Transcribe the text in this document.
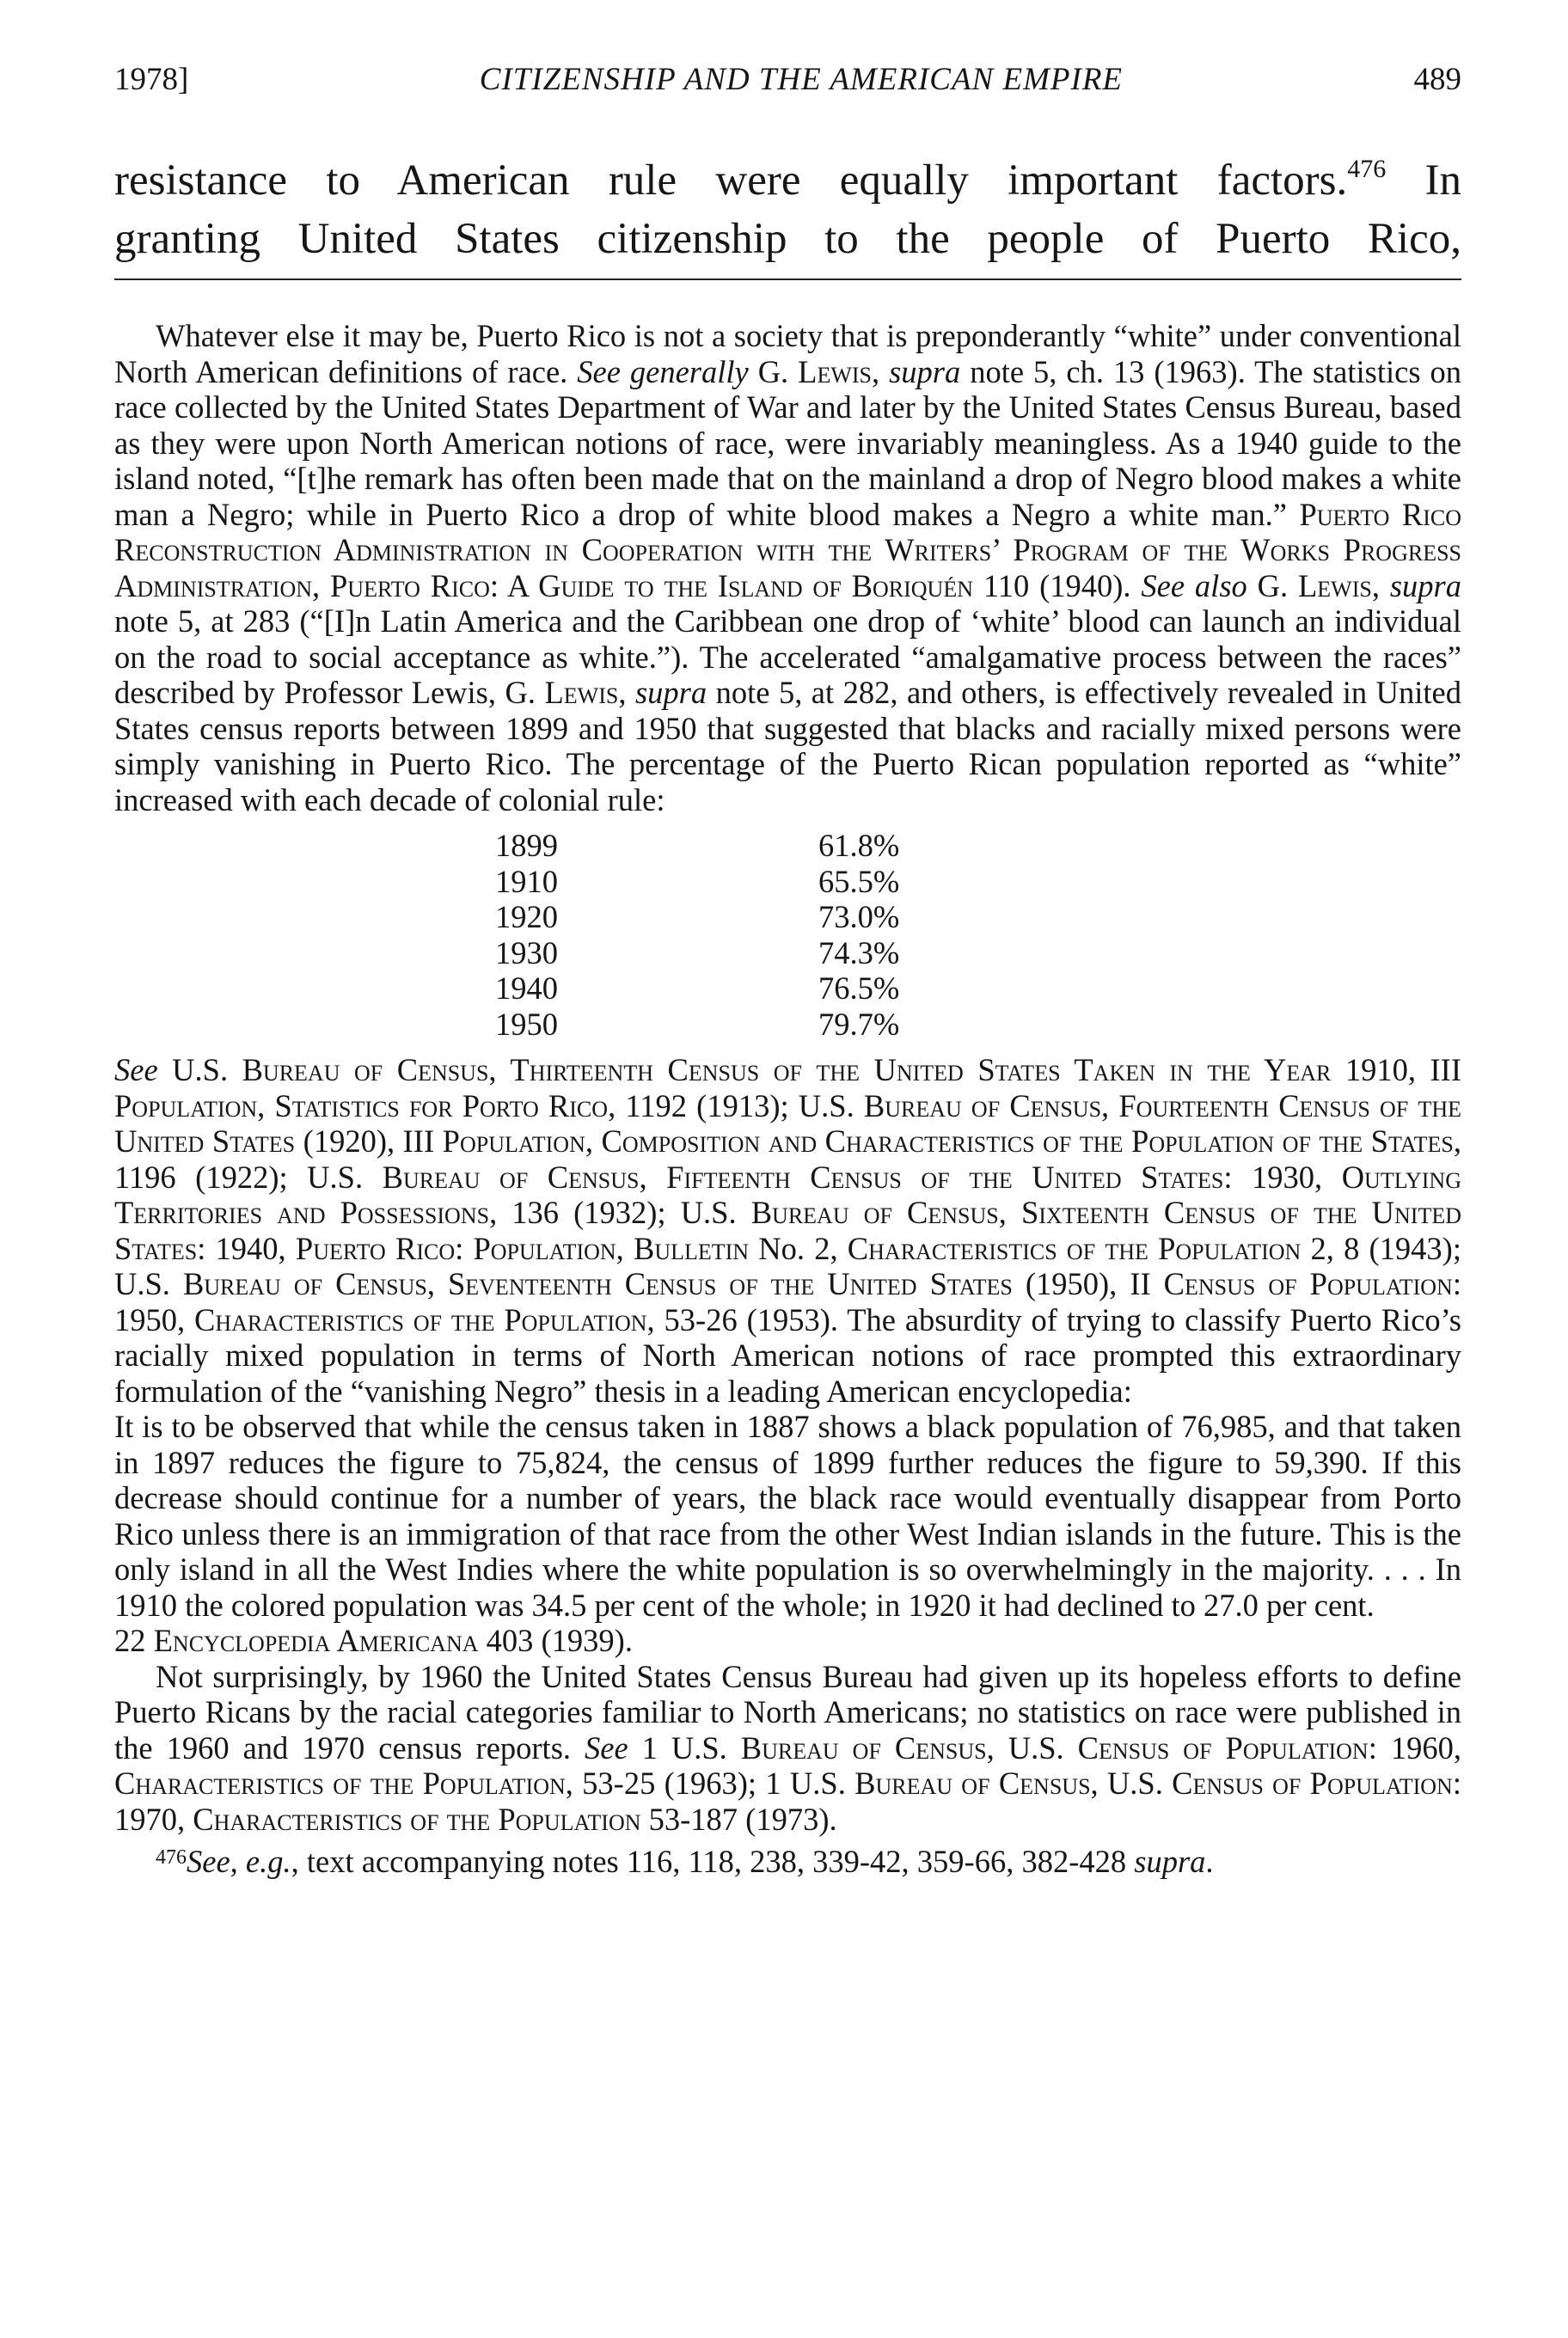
1978]	CITIZENSHIP AND THE AMERICAN EMPIRE	489
resistance to American rule were equally important factors.$^{476}$ In
granting United States citizenship to the people of Puerto Rico,

Whatever else it may be, Puerto Rico is not a society that is preponderantly “white” under conventional North American definitions of race. See generally G. Lewis, supra note 5, ch. 13 (1963). The statistics on race collected by the United States Department of War and later by the United States Census Bureau, based as they were upon North American notions of race, were invariably meaningless. As a 1940 guide to the island noted, “[t]he remark has often been made that on the mainland a drop of Negro blood makes a white man a Negro; while in Puerto Rico a drop of white blood makes a Negro a white man.” Puerto Rico Reconstruction Administration in Cooperation with the Writers’ Program of the Works Progress Administration, Puerto Rico: A Guide to the Island of Boriquén 110 (1940). See also G. Lewis, supra note 5, at 283 (“[I]n Latin America and the Caribbean one drop of ‘white’ blood can launch an individual on the road to social acceptance as white.”). The accelerated “amalgamative process between the races” described by Professor Lewis, G. Lewis, supra note 5, at 282, and others, is effectively revealed in United States census reports between 1899 and 1950 that suggested that blacks and racially mixed persons were simply vanishing in Puerto Rico. The percentage of the Puerto Rican population reported as “white” increased with each decade of colonial rule:

1899	61.8%
1910	65.5%
1920	73.0%
1930	74.3%
1940	76.5%
1950	79.7%

See U.S. Bureau of Census, Thirteenth Census of the United States Taken in the Year 1910, III Population, Statistics for Porto Rico, 1192 (1913); U.S. Bureau of Census, Fourteenth Census of the United States (1920), III Population, Composition and Characteristics of the Population of the States, 1196 (1922); U.S. Bureau of Census, Fifteenth Census of the United States: 1930, Outlying Territories and Possessions, 136 (1932); U.S. Bureau of Census, Sixteenth Census of the United States: 1940, Puerto Rico: Population, Bulletin No. 2, Characteristics of the Population 2, 8 (1943); U.S. Bureau of Census, Seventeenth Census of the United States (1950), II Census of Population: 1950, Characteristics of the Population, 53-26 (1953). The absurdity of trying to classify Puerto Rico’s racially mixed population in terms of North American notions of race prompted this extraordinary formulation of the “vanishing Negro” thesis in a leading American encyclopedia:

It is to be observed that while the census taken in 1887 shows a black population of 76,985, and that taken in 1897 reduces the figure to 75,824, the census of 1899 further reduces the figure to 59,390. If this decrease should continue for a number of years, the black race would eventually disappear from Porto Rico unless there is an immigration of that race from the other West Indian islands in the future. This is the only island in all the West Indies where the white population is so overwhelmingly in the majority. . . . In 1910 the colored population was 34.5 per cent of the whole; in 1920 it had declined to 27.0 per cent.

22 Encyclopedia Americana 403 (1939).

Not surprisingly, by 1960 the United States Census Bureau had given up its hopeless efforts to define Puerto Ricans by the racial categories familiar to North Americans; no statistics on race were published in the 1960 and 1970 census reports. See 1 U.S. Bureau of Census, U.S. Census of Population: 1960, Characteristics of the Population, 53-25 (1963); 1 U.S. Bureau of Census, U.S. Census of Population: 1970, Characteristics of the Population 53-187 (1973).

$^{476}$See, e.g., text accompanying notes 116, 118, 238, 339-42, 359-66, 382-428 supra.
